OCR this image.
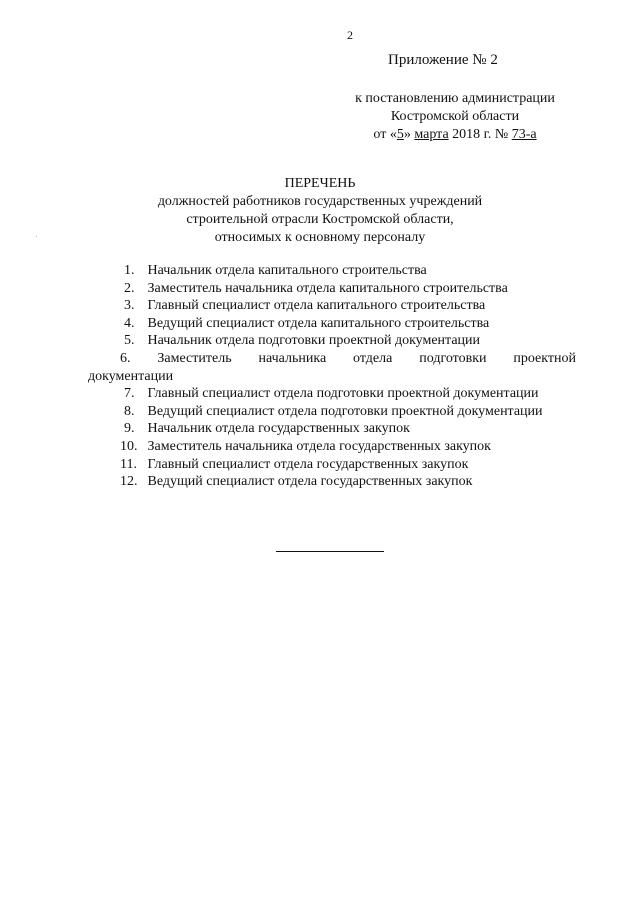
2
Приложение № 2
к постановлению администрации
Костромской области
от «5» марта 2018 г. № 73-а
ПЕРЕЧЕНЬ
должностей работников государственных учреждений
строительной отрасли Костромской области,
относимых к основному персоналу
1. Начальник отдела капитального строительства
2. Заместитель начальника отдела капитального строительства
3. Главный специалист отдела капитального строительства
4. Ведущий специалист отдела капитального строительства
5. Начальник отдела подготовки проектной документации
6. Заместитель начальника отдела подготовки проектной
документации
7. Главный специалист отдела подготовки проектной документации
8. Ведущий специалист отдела подготовки проектной документации
9. Начальник отдела государственных закупок
10. Заместитель начальника отдела государственных закупок
11. Главный специалист отдела государственных закупок
12. Ведущий специалист отдела государственных закупок
